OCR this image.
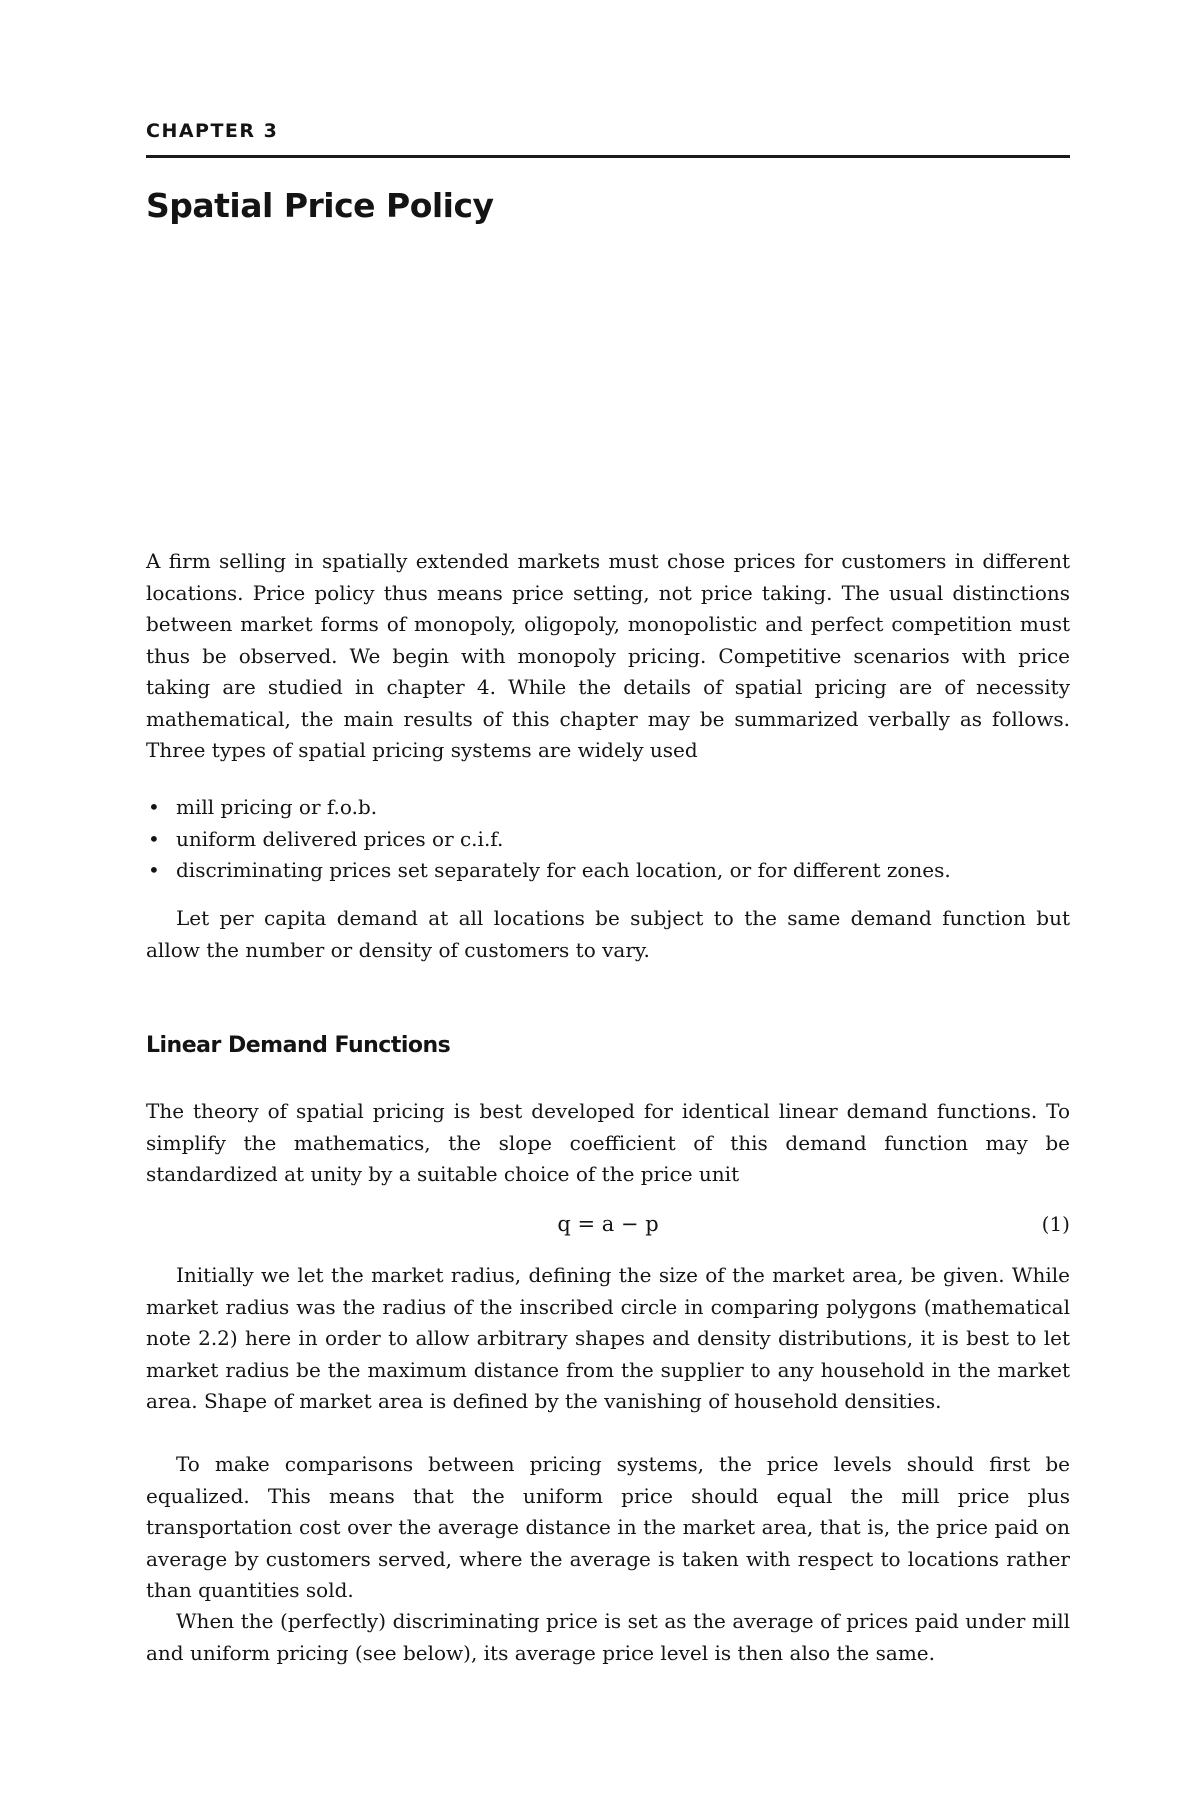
CHAPTER 3
Spatial Price Policy

A firm selling in spatially extended markets must chose prices for customers in different locations. Price policy thus means price setting, not price taking. The usual distinctions between market forms of monopoly, oligopoly, monopolistic and perfect competition must thus be observed. We begin with monopoly pricing. Competitive scenarios with price taking are studied in chapter 4. While the details of spatial pricing are of necessity mathematical, the main results of this chapter may be summarized verbally as follows. Three types of spatial pricing systems are widely used

• mill pricing or f.o.b.
• uniform delivered prices or c.i.f.
• discriminating prices set separately for each location, or for different zones.

Let per capita demand at all locations be subject to the same demand function but allow the number or density of customers to vary.

Linear Demand Functions

The theory of spatial pricing is best developed for identical linear demand functions. To simplify the mathematics, the slope coefficient of this demand function may be standardized at unity by a suitable choice of the price unit

q = a − p	(1)

Initially we let the market radius, defining the size of the market area, be given. While market radius was the radius of the inscribed circle in comparing polygons (mathematical note 2.2) here in order to allow arbitrary shapes and density distributions, it is best to let market radius be the maximum distance from the supplier to any household in the market area. Shape of market area is defined by the vanishing of household densities.

To make comparisons between pricing systems, the price levels should first be equalized. This means that the uniform price should equal the mill price plus transportation cost over the average distance in the market area, that is, the price paid on average by customers served, where the average is taken with respect to locations rather than quantities sold.

When the (perfectly) discriminating price is set as the average of prices paid under mill and uniform pricing (see below), its average price level is then also the same.
